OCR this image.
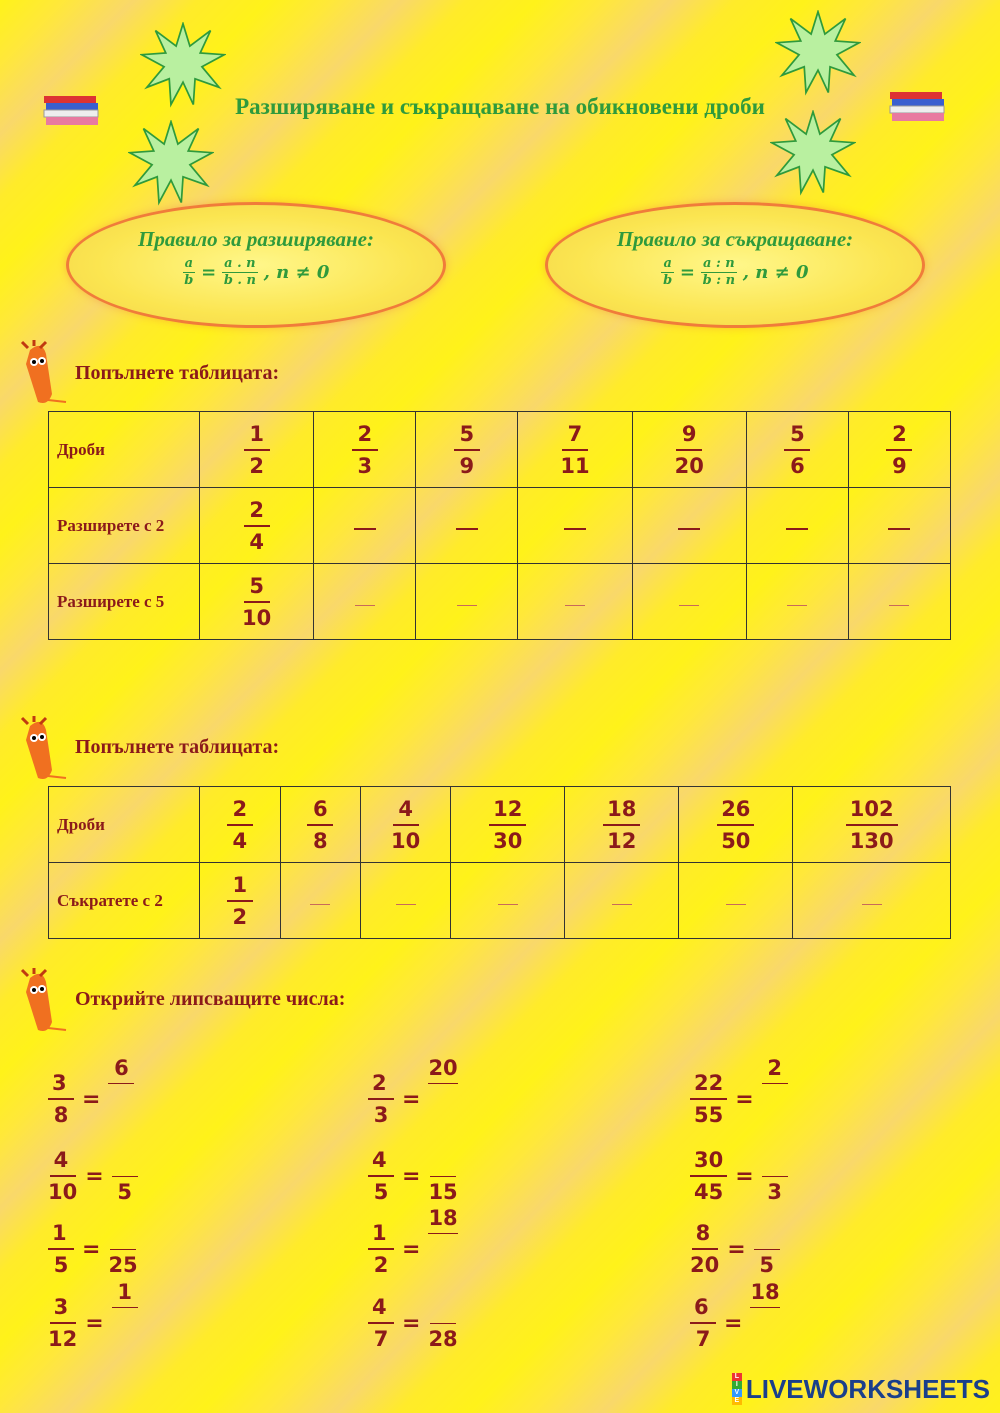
Разширяване и съкращаване на обикновени дроби
Правило за разширяване:
$\frac{a}{b} = \frac{a . n}{b . n}$ , n ≠ 0
Правило за съкращаване:
$\frac{a}{b} = \frac{a : n}{b : n}$ , n ≠ 0
Попълнете таблицата:
Дроби	$\frac{1}{2}$	$\frac{2}{3}$	$\frac{5}{9}$	$\frac{7}{11}$	$\frac{9}{20}$	$\frac{5}{6}$	$\frac{2}{9}$

Разширете с 2	$\frac{2}{4}$

Разширете с 5	$\frac{5}{10}$

Попълнете таблицата:
Дроби	$\frac{2}{4}$	$\frac{6}{8}$	$\frac{4}{10}$	$\frac{12}{30}$	$\frac{18}{12}$	$\frac{26}{50}$	$\frac{102}{130}$

Съкратете с 2	$\frac{1}{2}$

Открийте липсващите числа:
$\frac{3}{8}$ =
6
$\frac{4}{10}$ =
5
$\frac{1}{5}$ =
25
$\frac{3}{12}$ =
1
$\frac{2}{3}$ =
20
$\frac{4}{5}$ =
15
$\frac{1}{2}$ =
18
$\frac{4}{7}$ =
28
$\frac{22}{55}$ =
2
$\frac{30}{45}$ =
3
$\frac{8}{20}$ =
5
$\frac{6}{7}$ =
18
L
I
V
E LIVEWORKSHEETS
